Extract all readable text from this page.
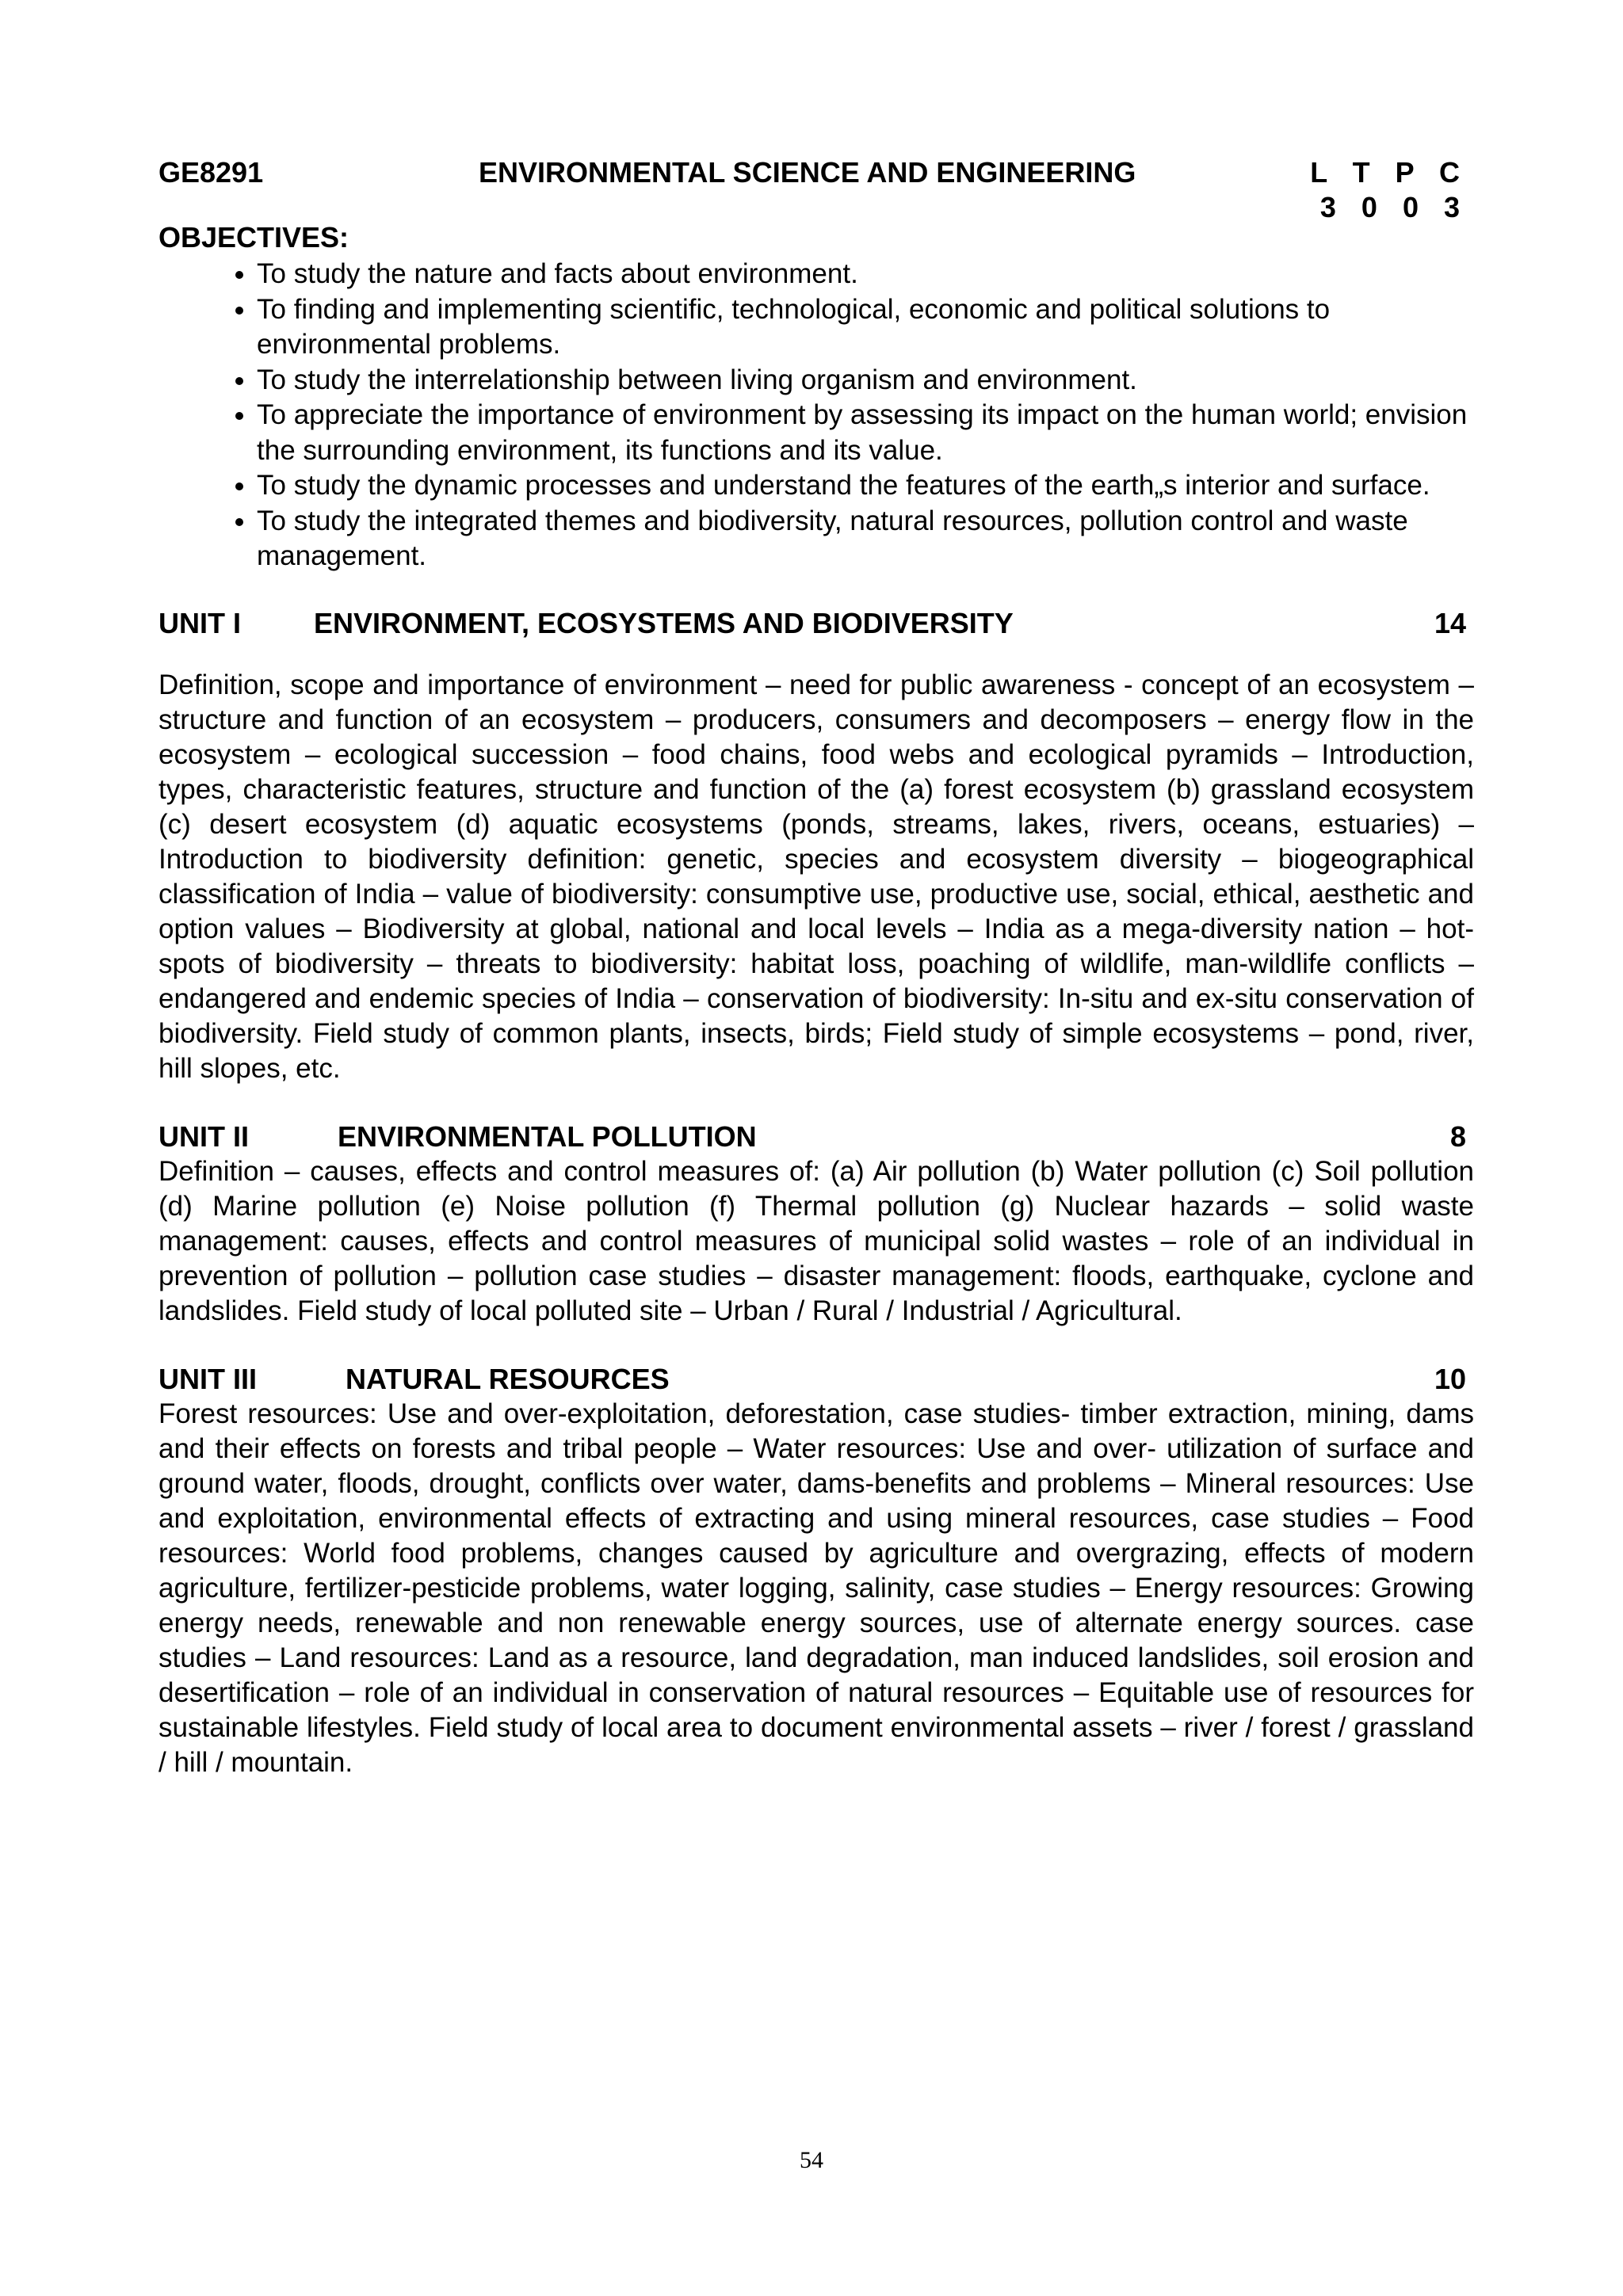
GE8291	ENVIRONMENTAL SCIENCE AND ENGINEERING	L T P C
3 0 0 3
OBJECTIVES:
• To study the nature and facts about environment.
• To finding and implementing scientific, technological, economic and political solutions to environmental problems.
• To study the interrelationship between living organism and environment.
• To appreciate the importance of environment by assessing its impact on the human world; envision the surrounding environment, its functions and its value.
• To study the dynamic processes and understand the features of the earth„s interior and surface.
• To study the integrated themes and biodiversity, natural resources, pollution control and waste management.
UNIT I	ENVIRONMENT, ECOSYSTEMS AND BIODIVERSITY	14
Definition, scope and importance of environment – need for public awareness - concept of an ecosystem – structure and function of an ecosystem – producers, consumers and decomposers – energy flow in the ecosystem – ecological succession – food chains, food webs and ecological pyramids – Introduction, types, characteristic features, structure and function of the (a) forest ecosystem (b) grassland ecosystem (c) desert ecosystem (d) aquatic ecosystems (ponds, streams, lakes, rivers, oceans, estuaries) – Introduction to biodiversity definition: genetic, species and ecosystem diversity – biogeographical classification of India – value of biodiversity: consumptive use, productive use, social, ethical, aesthetic and option values – Biodiversity at global, national and local levels – India as a mega-diversity nation – hot-spots of biodiversity – threats to biodiversity: habitat loss, poaching of wildlife, man-wildlife conflicts – endangered and endemic species of India – conservation of biodiversity: In-situ and ex-situ conservation of biodiversity. Field study of common plants, insects, birds; Field study of simple ecosystems – pond, river, hill slopes, etc.
UNIT II	ENVIRONMENTAL POLLUTION	8
Definition – causes, effects and control measures of: (a) Air pollution (b) Water pollution (c) Soil pollution (d) Marine pollution (e) Noise pollution (f) Thermal pollution (g) Nuclear hazards – solid waste management: causes, effects and control measures of municipal solid wastes – role of an individual in prevention of pollution – pollution case studies – disaster management: floods, earthquake, cyclone and landslides. Field study of local polluted site – Urban / Rural / Industrial / Agricultural.
UNIT III	NATURAL RESOURCES	10
Forest resources: Use and over-exploitation, deforestation, case studies- timber extraction, mining, dams and their effects on forests and tribal people – Water resources: Use and over- utilization of surface and ground water, floods, drought, conflicts over water, dams-benefits and problems – Mineral resources: Use and exploitation, environmental effects of extracting and using mineral resources, case studies – Food resources: World food problems, changes caused by agriculture and overgrazing, effects of modern agriculture, fertilizer-pesticide problems, water logging, salinity, case studies – Energy resources: Growing energy needs, renewable and non renewable energy sources, use of alternate energy sources. case studies – Land resources: Land as a resource, land degradation, man induced landslides, soil erosion and desertification – role of an individual in conservation of natural resources – Equitable use of resources for sustainable lifestyles. Field study of local area to document environmental assets – river / forest / grassland / hill / mountain.
54
